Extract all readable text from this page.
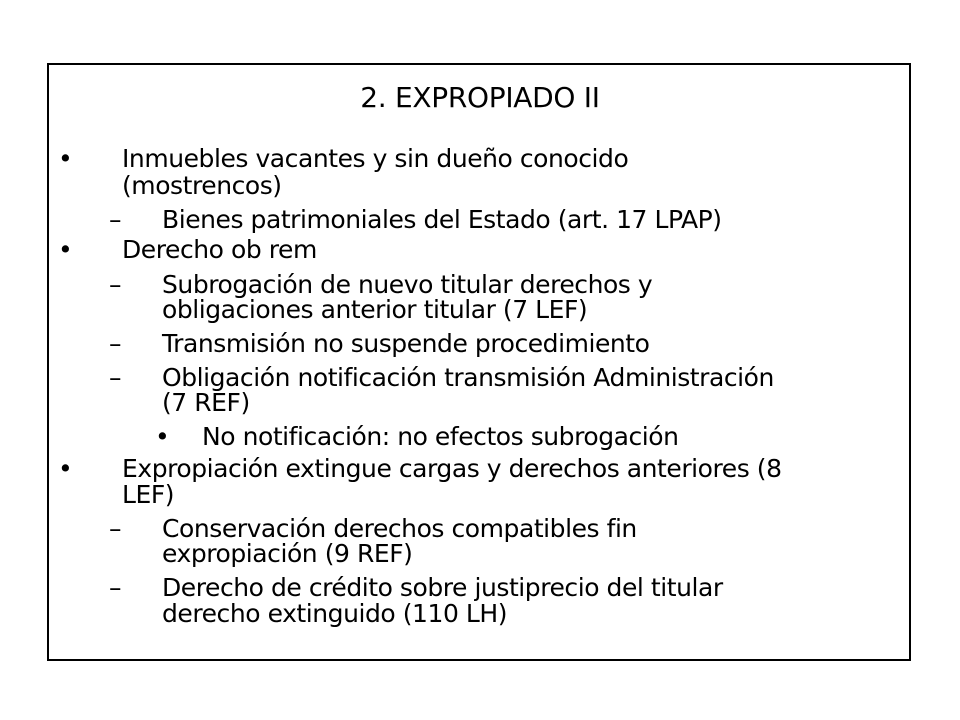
2. EXPROPIADO II
• Inmuebles vacantes y sin dueño conocido
(mostrencos)
– Bienes patrimoniales del Estado (art. 17 LPAP)
• Derecho ob rem
– Subrogación de nuevo titular derechos y
obligaciones anterior titular (7 LEF)
– Transmisión no suspende procedimiento
– Obligación notificación transmisión Administración
(7 REF)
• No notificación: no efectos subrogación
• Expropiación extingue cargas y derechos anteriores (8
LEF)
– Conservación derechos compatibles fin
expropiación (9 REF)
– Derecho de crédito sobre justiprecio del titular
derecho extinguido (110 LH)
